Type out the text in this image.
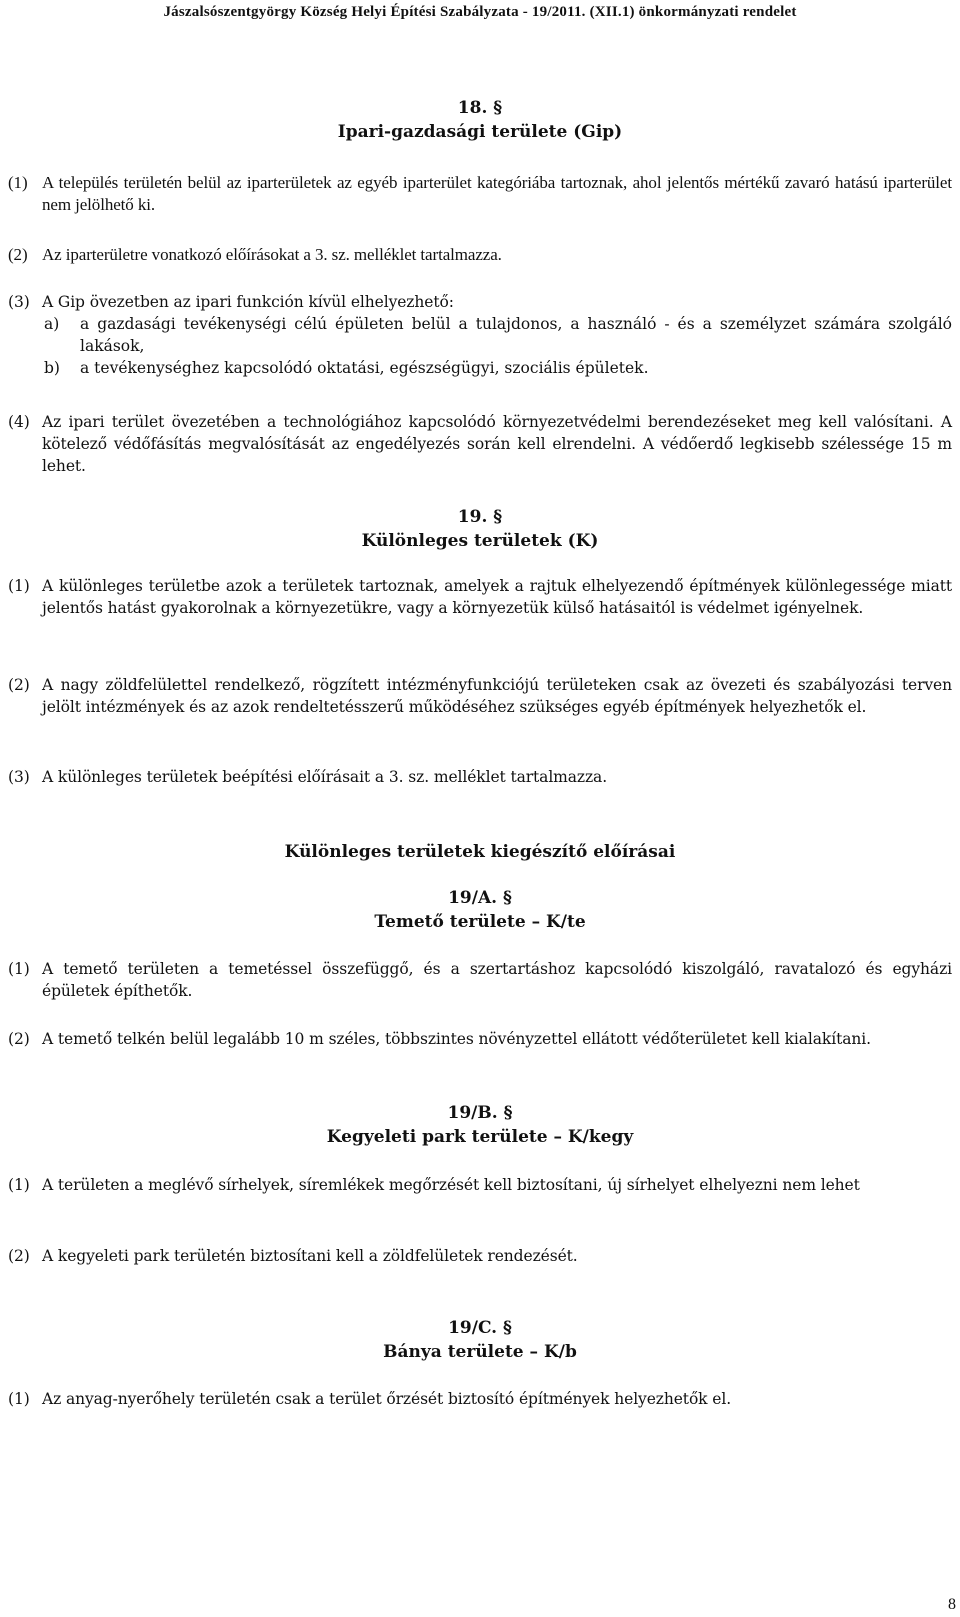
Jászalsószentgyörgy Község Helyi Építési Szabályzata - 19/2011. (XII.1) önkormányzati rendelet
18. §
Ipari-gazdasági területe (Gip)
(1) A település területén belül az iparterületek az egyéb iparterület kategóriába tartoznak, ahol jelentős mértékű zavaró hatású iparterület nem jelölhető ki.
(2) Az iparterületre vonatkozó előírásokat a 3. sz. melléklet tartalmazza.
(3) A Gip övezetben az ipari funkción kívül elhelyezhető:
a) a gazdasági tevékenységi célú épületen belül a tulajdonos, a használó - és a személyzet számára szolgáló lakások,
b) a tevékenységhez kapcsolódó oktatási, egészségügyi, szociális épületek.
(4) Az ipari terület övezetében a technológiához kapcsolódó környezetvédelmi berendezéseket meg kell valósítani. A kötelező védőfásítás megvalósítását az engedélyezés során kell elrendelni. A védőerdő legkisebb szélessége 15 m lehet.
19. §
Különleges területek (K)
(1) A különleges területbe azok a területek tartoznak, amelyek a rajtuk elhelyezendő építmények különlegessége miatt jelentős hatást gyakorolnak a környezetükre, vagy a környezetük külső hatásaitól is védelmet igényelnek.
(2) A nagy zöldfelülettel rendelkező, rögzített intézményfunkciójú területeken csak az övezeti és szabályozási terven jelölt intézmények és az azok rendeltetésszerű működéséhez szükséges egyéb építmények helyezhetők el.
(3) A különleges területek beépítési előírásait a 3. sz. melléklet tartalmazza.
Különleges területek kiegészítő előírásai
19/A. §
Temető területe – K/te
(1) A temető területen a temetéssel összefüggő, és a szertartáshoz kapcsolódó kiszolgáló, ravatalozó és egyházi épületek építhetők.
(2) A temető telkén belül legalább 10 m széles, többszintes növényzettel ellátott védőterületet kell kialakítani.
19/B. §
Kegyeleti park területe – K/kegy
(1) A területen a meglévő sírhelyek, síremlékek megőrzését kell biztosítani, új sírhelyet elhelyezni nem lehet
(2) A kegyeleti park területén biztosítani kell a zöldfelületek rendezését.
19/C. §
Bánya területe – K/b
(1) Az anyag-nyerőhely területén csak a terület őrzését biztosító építmények helyezhetők el.
8
